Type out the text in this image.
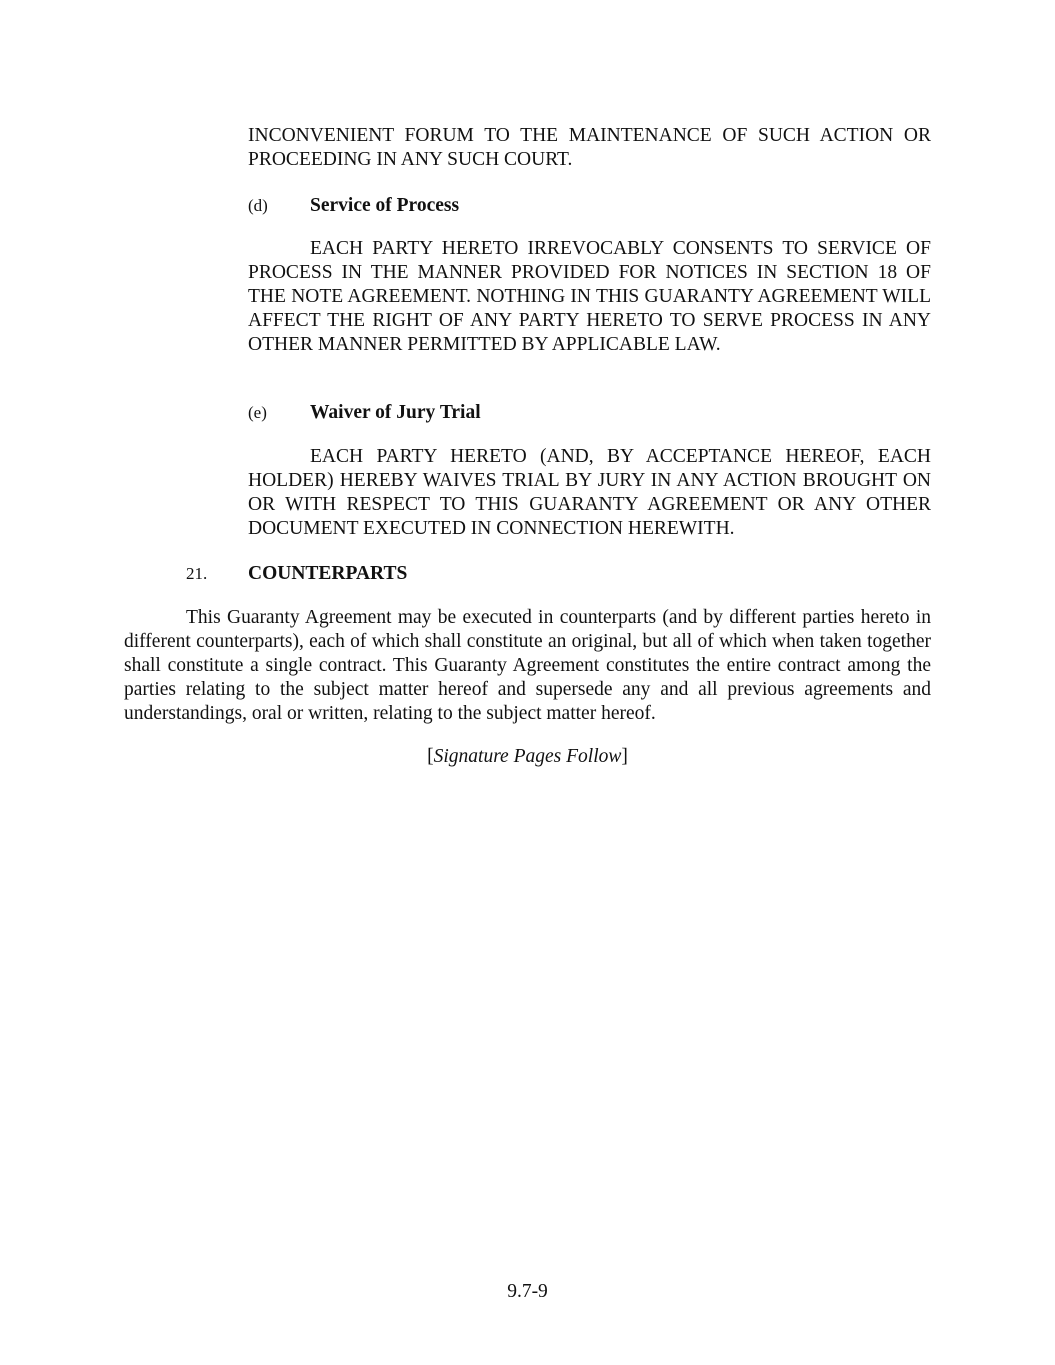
INCONVENIENT FORUM TO THE MAINTENANCE OF SUCH ACTION OR PROCEEDING IN ANY SUCH COURT.

(d) Service of Process

EACH PARTY HERETO IRREVOCABLY CONSENTS TO SERVICE OF PROCESS IN THE MANNER PROVIDED FOR NOTICES IN SECTION 18 OF THE NOTE AGREEMENT. NOTHING IN THIS GUARANTY AGREEMENT WILL AFFECT THE RIGHT OF ANY PARTY HERETO TO SERVE PROCESS IN ANY OTHER MANNER PERMITTED BY APPLICABLE LAW.

(e) Waiver of Jury Trial

EACH PARTY HERETO (AND, BY ACCEPTANCE HEREOF, EACH HOLDER) HEREBY WAIVES TRIAL BY JURY IN ANY ACTION BROUGHT ON OR WITH RESPECT TO THIS GUARANTY AGREEMENT OR ANY OTHER DOCUMENT EXECUTED IN CONNECTION HEREWITH.

21. COUNTERPARTS

This Guaranty Agreement may be executed in counterparts (and by different parties hereto in different counterparts), each of which shall constitute an original, but all of which when taken together shall constitute a single contract. This Guaranty Agreement constitutes the entire contract among the parties relating to the subject matter hereof and supersede any and all previous agreements and understandings, oral or written, relating to the subject matter hereof.

[Signature Pages Follow]

9.7-9
